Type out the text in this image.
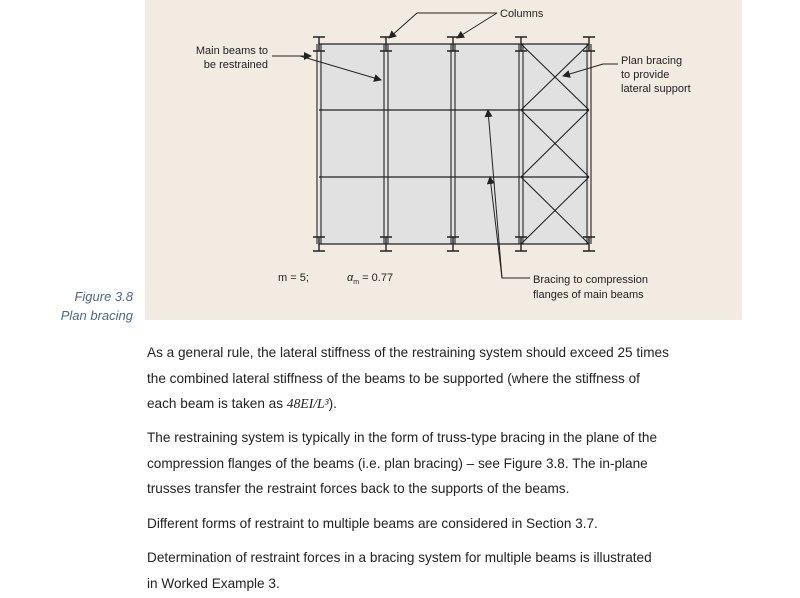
Columns
Main beams to
be restrained	Plan bracing
to provide
lateral support
m = 5;	$\alpha_m = 0.77$	Bracing to compression
flanges of main beams
Figure 3.8
Plan bracing
As a general rule, the lateral stiffness of the restraining system should exceed 25 times
the combined lateral stiffness of the beams to be supported (where the stiffness of
each beam is taken as 48EI/L³).
The restraining system is typically in the form of truss-type bracing in the plane of the
compression flanges of the beams (i.e. plan bracing) – see Figure 3.8. The in-plane
trusses transfer the restraint forces back to the supports of the beams.
Different forms of restraint to multiple beams are considered in Section 3.7.
Determination of restraint forces in a bracing system for multiple beams is illustrated
in Worked Example 3.
